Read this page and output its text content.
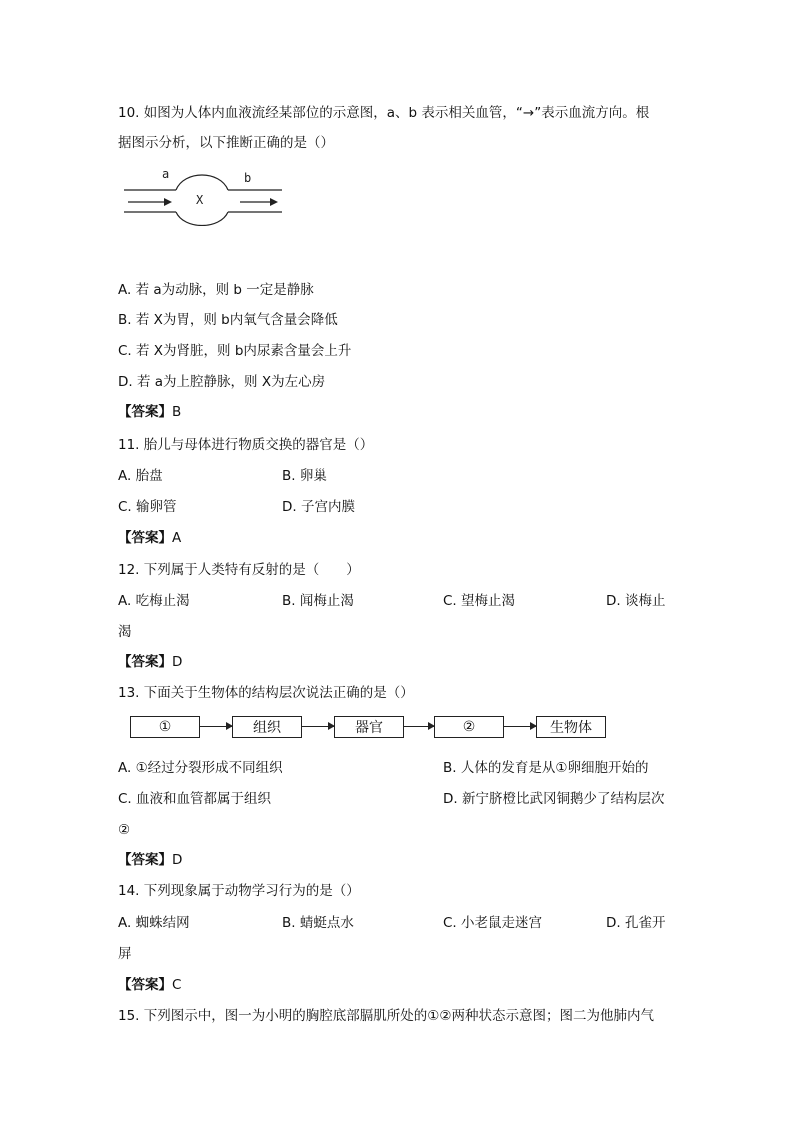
10. 如图为人体内血液流经某部位的示意图，a、b 表示相关血管，“→”表示血流方向。根
据图示分析，以下推断正确的是（）
a	b
X
A. 若 a为动脉，则 b 一定是静脉
B. 若 X为胃，则 b内氧气含量会降低
C. 若 X为肾脏，则 b内尿素含量会上升
D. 若 a为上腔静脉，则 X为左心房
【答案】B
11. 胎儿与母体进行物质交换的器官是（）
A. 胎盘	B. 卵巢
C. 输卵管	D. 子宫内膜
【答案】A
12. 下列属于人类特有反射的是（　　）
A. 吃梅止渴	B. 闻梅止渴	C. 望梅止渴	D. 谈梅止
渴
【答案】D
13. 下面关于生物体的结构层次说法正确的是（）
①	组织	器官	②	生物体
A. ①经过分裂形成不同组织	B. 人体的发育是从①卵细胞开始的
C. 血液和血管都属于组织	D. 新宁脐橙比武冈铜鹅少了结构层次
②
【答案】D
14. 下列现象属于动物学习行为的是（）
A. 蜘蛛结网	B. 蜻蜓点水	C. 小老鼠走迷宫	D. 孔雀开
屏
【答案】C
15. 下列图示中，图一为小明的胸腔底部膈肌所处的①②两种状态示意图；图二为他肺内气
